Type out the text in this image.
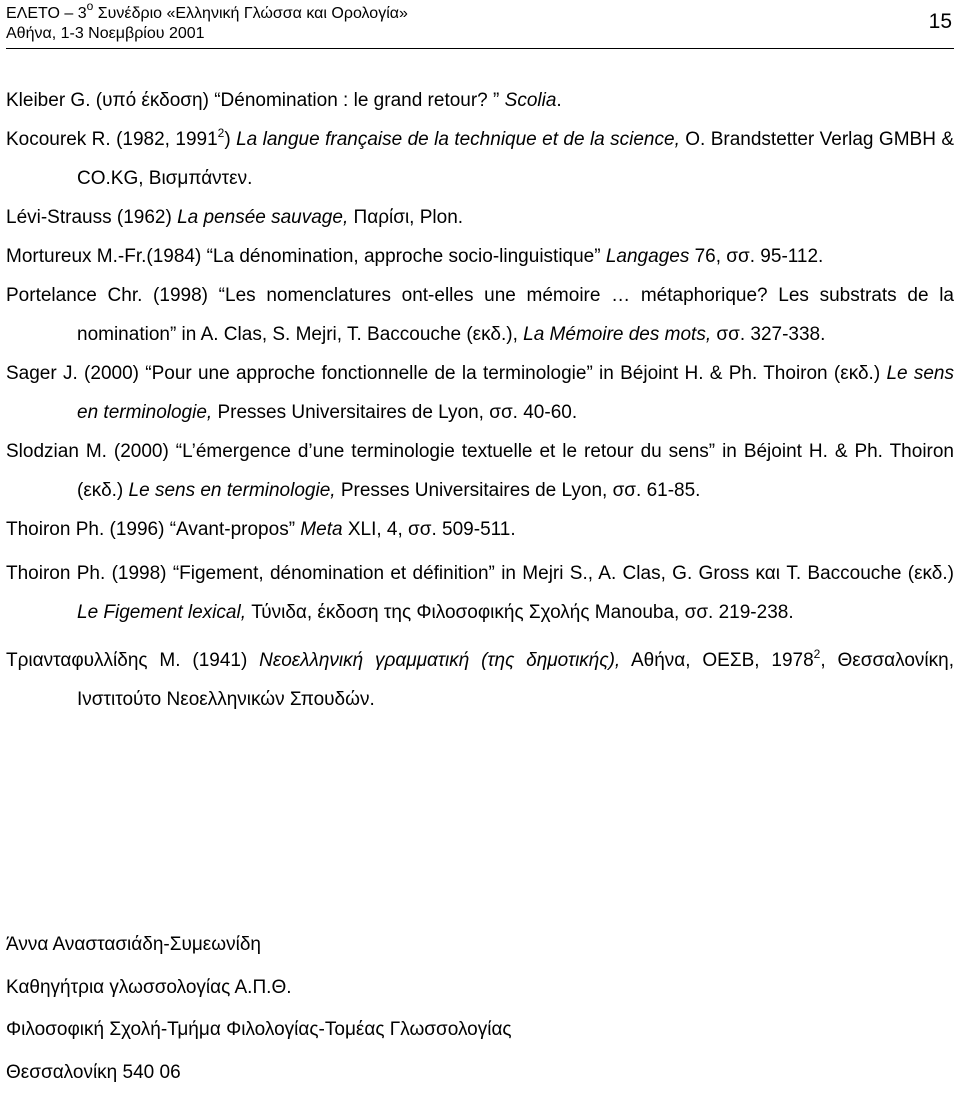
ΕΛΕΤΟ – $3^o$ Συνέδριο «Ελληνική Γλώσσα και Ορολογία»
Αθήνα, 1-3 Νοεμβρίου 2001
15
Kleiber G. (υπό έκδοση) “Dénomination : le grand retour? ” Scolia.
Kocourek R. (1982, 1991$^2$) La langue française de la technique et de la science, O. Brandstetter Verlag GMBH & CO.KG, Βισμπάντεν.
Lévi-Strauss (1962) La pensée sauvage, Παρίσι, Plon.
Mortureux M.-Fr.(1984) “La dénomination, approche socio-linguistique” Langages 76, σσ. 95-112.
Portelance Chr. (1998) “Les nomenclatures ont-elles une mémoire … métaphorique? Les substrats de la nomination” in A. Clas, S. Mejri, T. Baccouche (εκδ.), La Mémoire des mots, σσ. 327-338.
Sager J. (2000) “Pour une approche fonctionnelle de la terminologie” in Béjoint H. & Ph. Thoiron (εκδ.) Le sens en terminologie, Presses Universitaires de Lyon, σσ. 40-60.
Slodzian M. (2000) “L’émergence d’une terminologie textuelle et le retour du sens” in Béjoint H. & Ph. Thoiron (εκδ.) Le sens en terminologie, Presses Universitaires de Lyon, σσ. 61-85.
Thoiron Ph. (1996) “Avant-propos” Meta XLI, 4, σσ. 509-511.
Thoiron Ph. (1998) “Figement, dénomination et définition” in Mejri S., A. Clas, G. Gross και T. Baccouche (εκδ.) Le Figement lexical, Τύνιδα, έκδοση της Φιλοσοφικής Σχολής Manouba, σσ. 219-238.
Τριανταφυλλίδης Μ. (1941) Νεοελληνική γραμματική (της δημοτικής), Αθήνα, ΟΕΣΒ, 1978$^2$, Θεσσαλονίκη, Ινστιτούτο Νεοελληνικών Σπουδών.
Άννα Αναστασιάδη-Συμεωνίδη
Καθηγήτρια γλωσσολογίας Α.Π.Θ.
Φιλοσοφική Σχολή-Τμήμα Φιλολογίας-Τομέας Γλωσσολογίας
Θεσσαλονίκη 540 06
